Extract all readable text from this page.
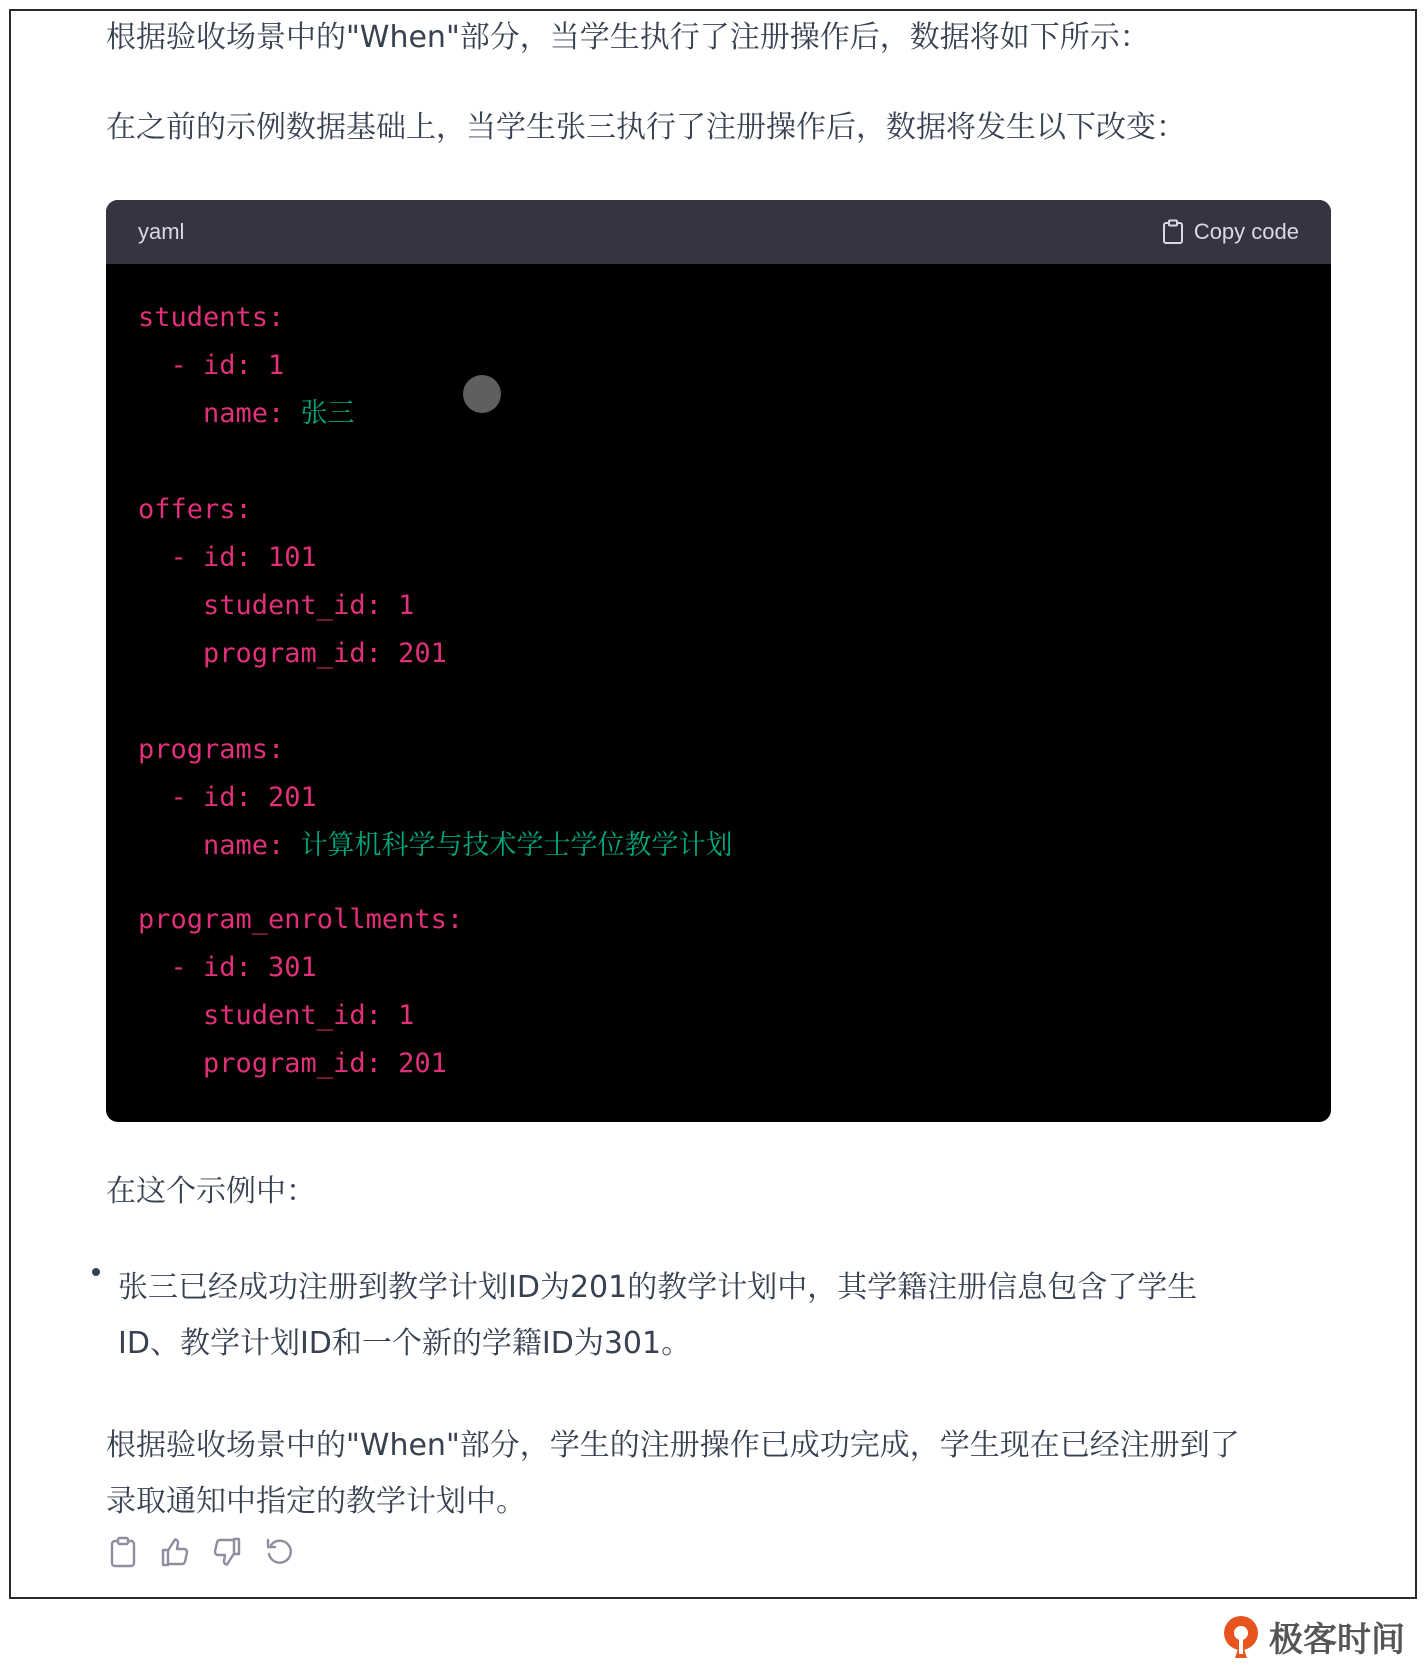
根据验收场景中的"When"部分，当学生执行了注册操作后，数据将如下所示：
在之前的示例数据基础上，当学生张三执行了注册操作后，数据将发生以下改变：
yaml	Copy code
students:
- id: 1
name: 张三
offers:
- id: 101
student_id: 1
program_id: 201
programs:
- id: 201
name: 计算机科学与技术学士学位教学计划
program_enrollments:
- id: 301
student_id: 1
program_id: 201
在这个示例中：
张三已经成功注册到教学计划ID为201的教学计划中，其学籍注册信息包含了学生
ID、教学计划ID和一个新的学籍ID为301。
根据验收场景中的"When"部分，学生的注册操作已成功完成，学生现在已经注册到了
录取通知中指定的教学计划中。
极客时间
